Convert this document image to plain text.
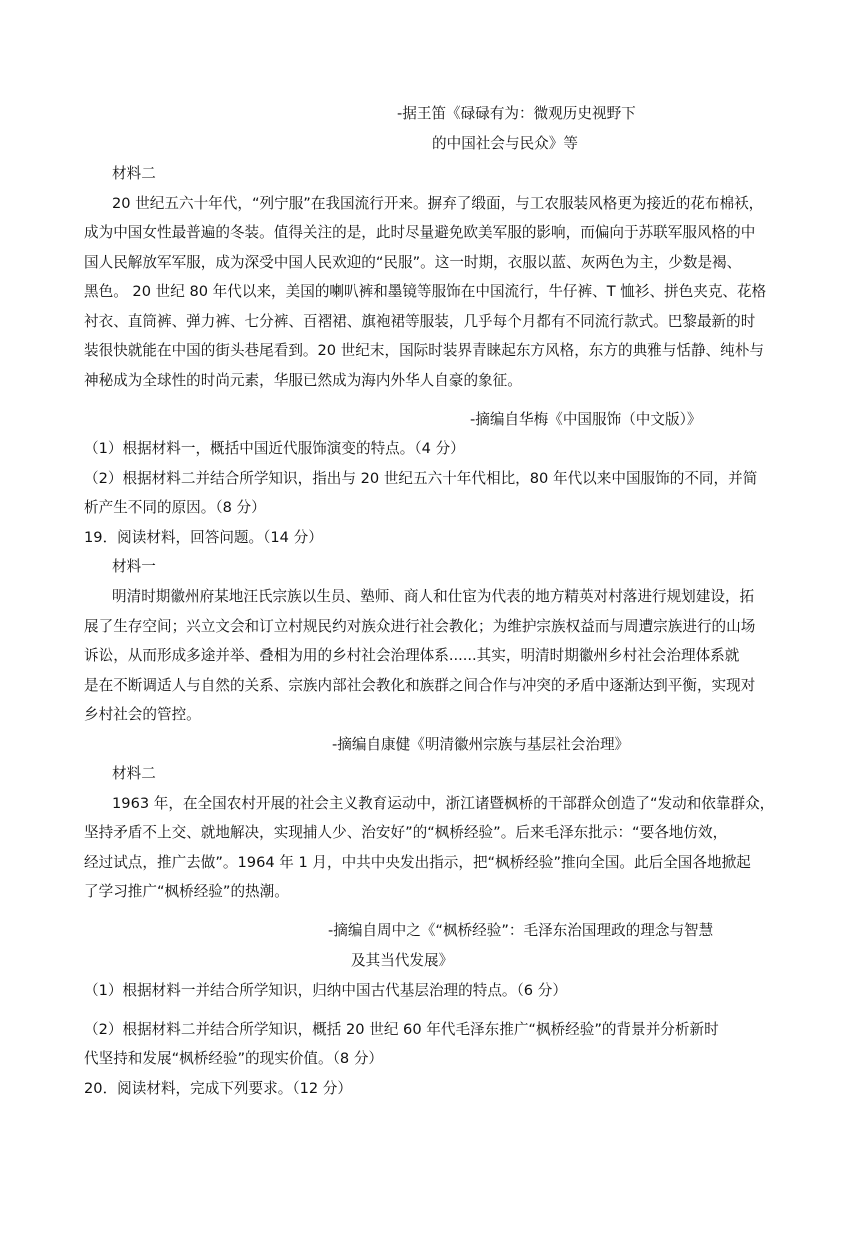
-据王笛《碌碌有为：微观历史视野下
的中国社会与民众》等
材料二
20 世纪五六十年代，“列宁服”在我国流行开来。摒弃了缎面，与工农服装风格更为接近的花布棉袄，
成为中国女性最普遍的冬装。值得关注的是，此时尽量避免欧美军服的影响，而偏向于苏联军服风格的中
国人民解放军军服，成为深受中国人民欢迎的“民服”。这一时期，衣服以蓝、灰两色为主，少数是褐、
黑色。 20 世纪 80 年代以来，美国的喇叭裤和墨镜等服饰在中国流行，牛仔裤、T 恤衫、拼色夹克、花格
衬衣、直筒裤、弹力裤、七分裤、百褶裙、旗袍裙等服装，几乎每个月都有不同流行款式。巴黎最新的时
装很快就能在中国的街头巷尾看到。20 世纪末，国际时装界青睐起东方风格，东方的典雅与恬静、纯朴与
神秘成为全球性的时尚元素，华服已然成为海内外华人自豪的象征。
-摘编自华梅《中国服饰（中文版）》
（1）根据材料一，概括中国近代服饰演变的特点。（4 分）
（2）根据材料二并结合所学知识，指出与 20 世纪五六十年代相比，80 年代以来中国服饰的不同，并简
析产生不同的原因。（8 分）
19．阅读材料，回答问题。（14 分）
材料一
明清时期徽州府某地汪氏宗族以生员、塾师、商人和仕宦为代表的地方精英对村落进行规划建设，拓
展了生存空间；兴立文会和订立村规民约对族众进行社会教化；为维护宗族权益而与周遭宗族进行的山场
诉讼，从而形成多途并举、叠相为用的乡村社会治理体系......其实，明清时期徽州乡村社会治理体系就
是在不断调适人与自然的关系、宗族内部社会教化和族群之间合作与冲突的矛盾中逐渐达到平衡，实现对
乡村社会的管控。
-摘编自康健《明清徽州宗族与基层社会治理》
材料二
1963 年，在全国农村开展的社会主义教育运动中，浙江诸暨枫桥的干部群众创造了“发动和依靠群众，
坚持矛盾不上交、就地解决，实现捕人少、治安好”的“枫桥经验”。后来毛泽东批示：“要各地仿效，
经过试点，推广去做”。1964 年 1 月，中共中央发出指示，把“枫桥经验”推向全国。此后全国各地掀起
了学习推广“枫桥经验”的热潮。
-摘编自周中之《“枫桥经验”：毛泽东治国理政的理念与智慧
及其当代发展》
（1）根据材料一并结合所学知识，归纳中国古代基层治理的特点。（6 分）
（2）根据材料二并结合所学知识，概括 20 世纪 60 年代毛泽东推广“枫桥经验”的背景并分析新时
代坚持和发展“枫桥经验”的现实价值。（8 分）
20．阅读材料，完成下列要求。（12 分）
